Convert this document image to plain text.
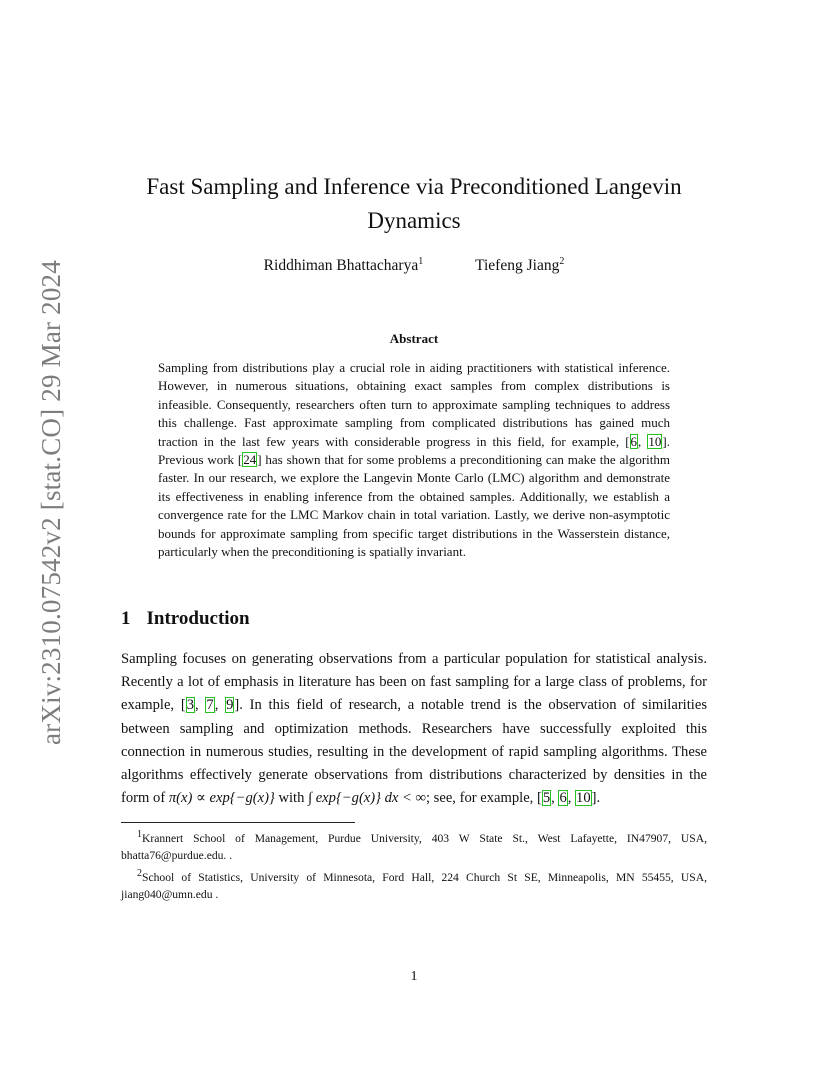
arXiv:2310.07542v2 [stat.CO] 29 Mar 2024
Fast Sampling and Inference via Preconditioned Langevin Dynamics
Riddhiman Bhattacharya$^1$	Tiefeng Jiang$^2$
Abstract
Sampling from distributions play a crucial role in aiding practitioners with statistical inference. However, in numerous situations, obtaining exact samples from complex distributions is infeasible. Consequently, researchers often turn to approximate sampling techniques to address this challenge. Fast approximate sampling from complicated distributions has gained much traction in the last few years with considerable progress in this field, for example, [6, 10]. Previous work [24] has shown that for some problems a preconditioning can make the algorithm faster. In our research, we explore the Langevin Monte Carlo (LMC) algorithm and demonstrate its effectiveness in enabling inference from the obtained samples. Additionally, we establish a convergence rate for the LMC Markov chain in total variation. Lastly, we derive non-asymptotic bounds for approximate sampling from specific target distributions in the Wasserstein distance, particularly when the preconditioning is spatially invariant.
1 Introduction
Sampling focuses on generating observations from a particular population for statistical analysis. Recently a lot of emphasis in literature has been on fast sampling for a large class of problems, for example, [3, 7, 9]. In this field of research, a notable trend is the observation of similarities between sampling and optimization methods. Researchers have successfully exploited this connection in numerous studies, resulting in the development of rapid sampling algorithms. These algorithms effectively generate observations from distributions characterized by densities in the form of π(x) ∝ exp{−g(x)} with ∫ exp{−g(x)} dx < ∞; see, for example, [5, 6, 10].

$^1$Krannert School of Management, Purdue University, 403 W State St., West Lafayette, IN47907, USA, bhatta76@purdue.edu. .

$^2$School of Statistics, University of Minnesota, Ford Hall, 224 Church St SE, Minneapolis, MN 55455, USA, jiang040@umn.edu .

1
